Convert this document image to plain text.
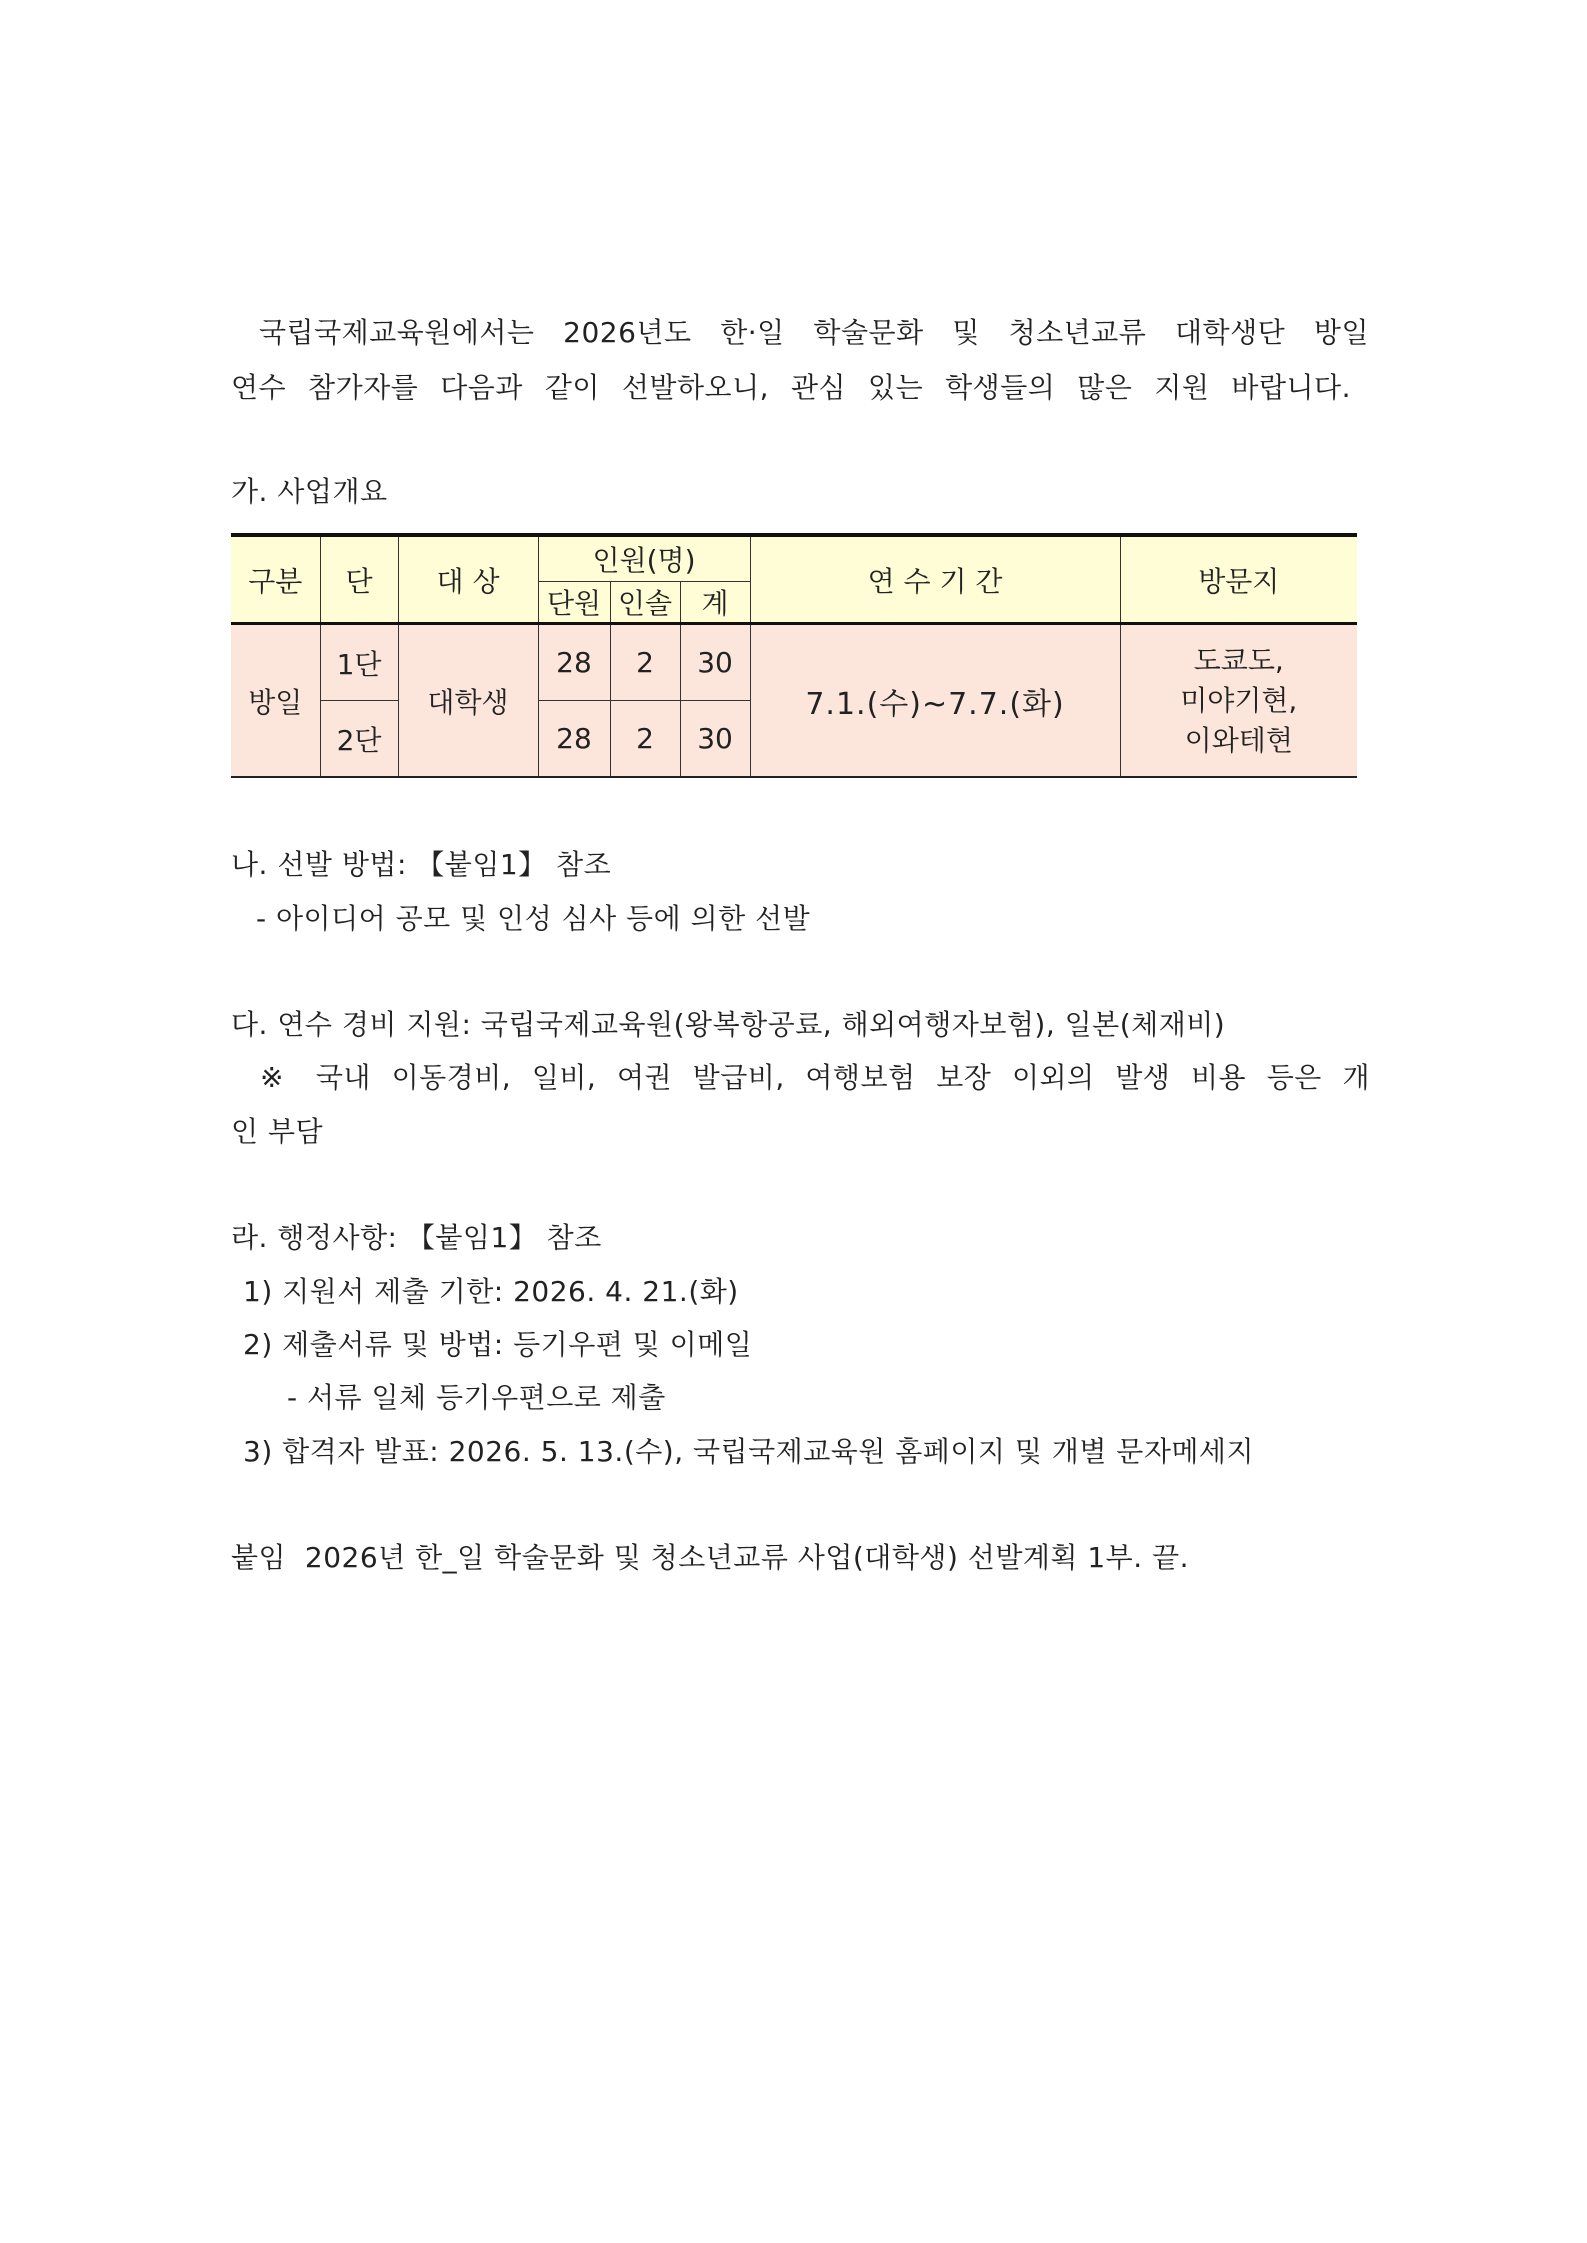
국립국제교육원에서는 2026년도 한·일 학술문화 및 청소년교류 대학생단 방일
연수 참가자를 다음과 같이 선발하오니, 관심 있는 학생들의 많은 지원 바랍니다.
가. 사업개요
구분	단	대 상	인원(명)			연 수 기 간	방문지
			단원	인솔	계		
방일	1단	대학생	28	2	30	7.1.(수)~7.7.(화)	도쿄도,
미야기현,
이와테현

	2단		28	2	30		
나. 선발 방법: 【붙임1】 참조
- 아이디어 공모 및 인성 심사 등에 의한 선발
다. 연수 경비 지원: 국립국제교육원(왕복항공료, 해외여행자보험), 일본(체재비)
※ 국내 이동경비, 일비, 여권 발급비, 여행보험 보장 이외의 발생 비용 등은 개
인 부담
라. 행정사항: 【붙임1】 참조
1) 지원서 제출 기한: 2026. 4. 21.(화)
2) 제출서류 및 방법: 등기우편 및 이메일
- 서류 일체 등기우편으로 제출
3) 합격자 발표: 2026. 5. 13.(수), 국립국제교육원 홈페이지 및 개별 문자메세지
붙임  2026년 한_일 학술문화 및 청소년교류 사업(대학생) 선발계획 1부. 끝.
